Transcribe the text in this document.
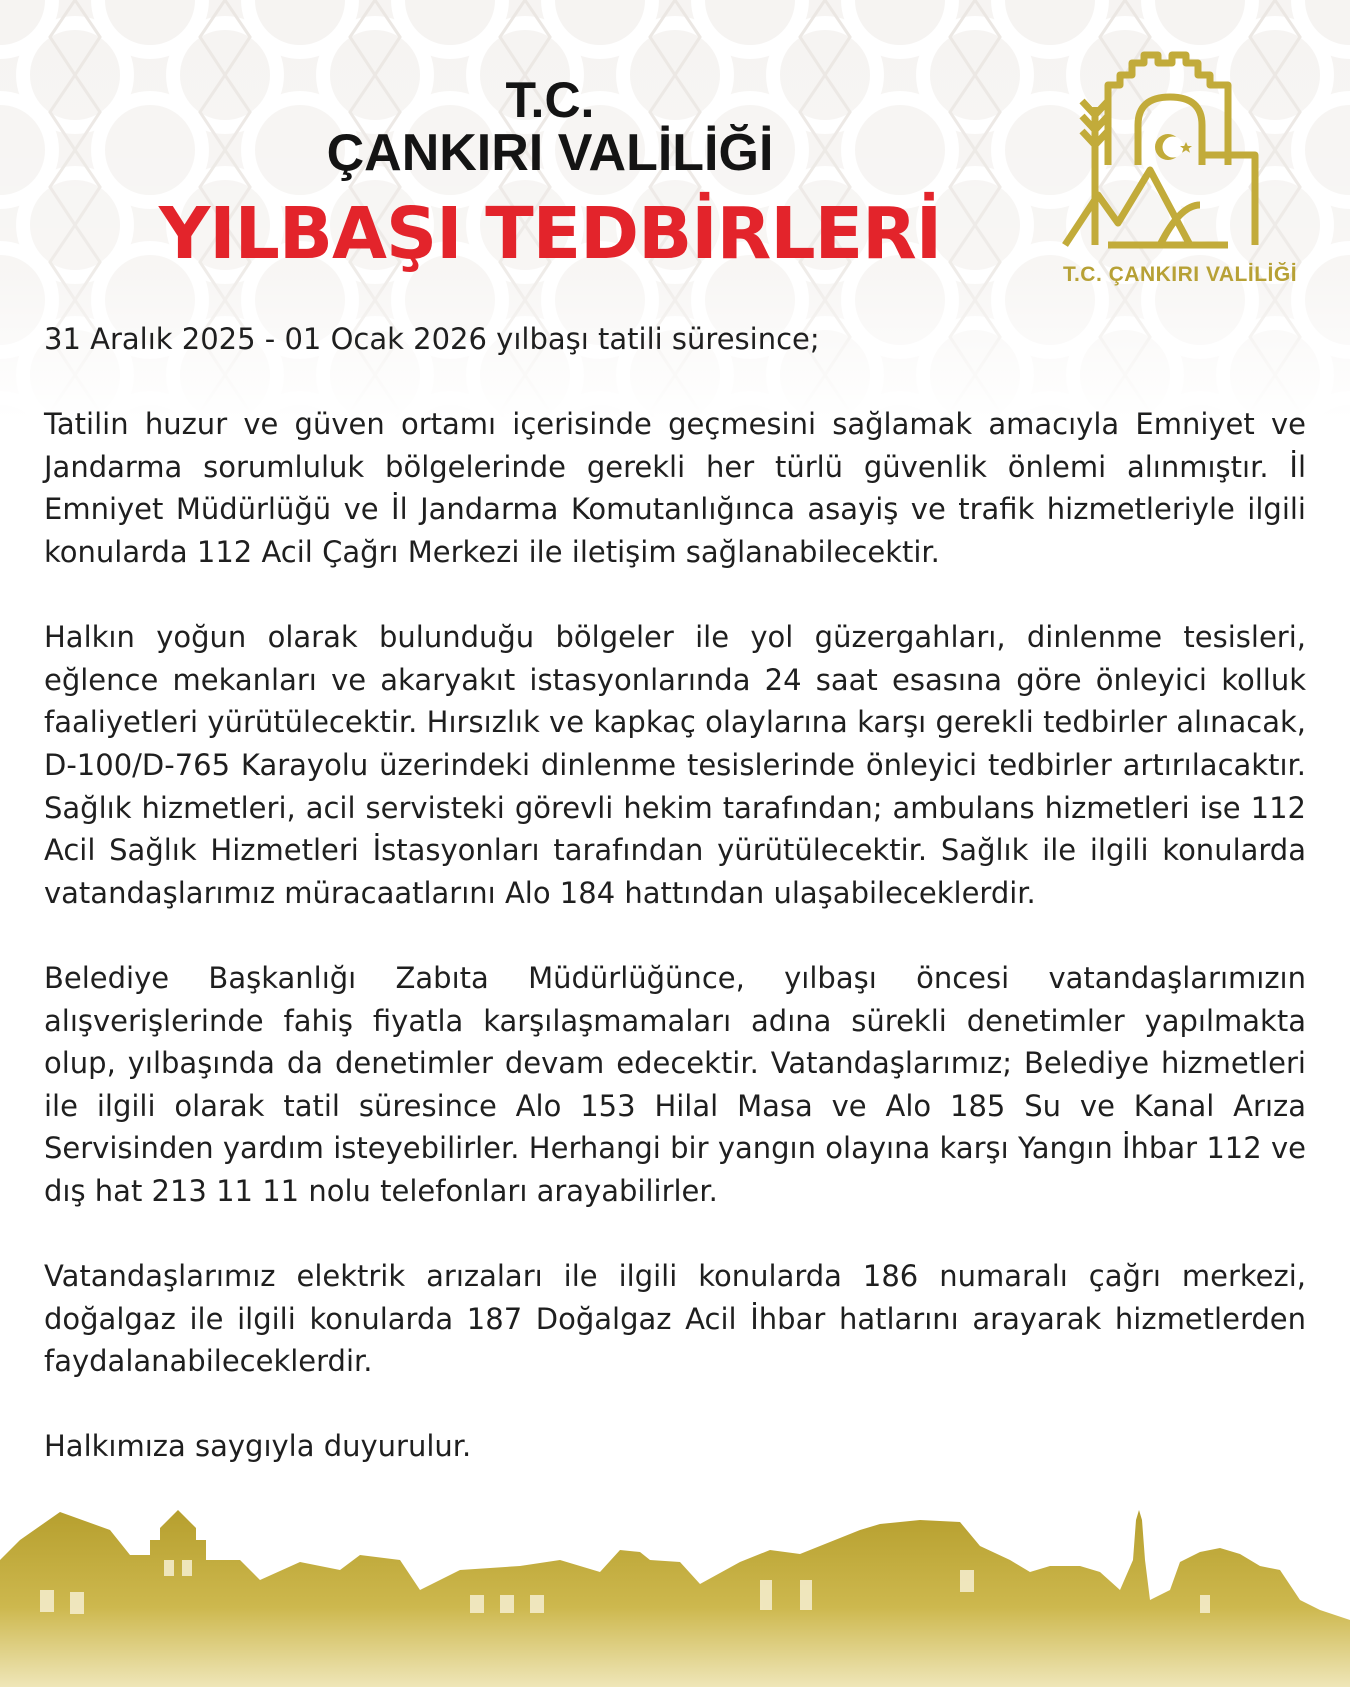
T.C.
ÇANKIRI VALİLİĞİ
YILBAŞI TEDBİRLERİ	T.C. ÇANKIRI VALİLİĞİ

31 Aralık 2025 - 01 Ocak 2026 yılbaşı tatili süresince;

Tatilin huzur ve güven ortamı içerisinde geçmesini sağlamak amacıyla Emniyet ve Jandarma sorumluluk bölgelerinde gerekli her türlü güvenlik önlemi alınmıştır. İl Emniyet Müdürlüğü ve İl Jandarma Komutanlığınca asayiş ve trafik hizmetleriyle ilgili konularda 112 Acil Çağrı Merkezi ile iletişim sağlanabilecektir.

Halkın yoğun olarak bulunduğu bölgeler ile yol güzergahları, dinlenme tesisleri, eğlence mekanları ve akaryakıt istasyonlarında 24 saat esasına göre önleyici kolluk faaliyetleri yürütülecektir. Hırsızlık ve kapkaç olaylarına karşı gerekli tedbirler alınacak, D-100/D-765 Karayolu üzerindeki dinlenme tesislerinde önleyici tedbirler artırılacaktır. Sağlık hizmetleri, acil servisteki görevli hekim tarafından; ambulans hizmetleri ise 112 Acil Sağlık Hizmetleri İstasyonları tarafından yürütülecektir. Sağlık ile ilgili konularda vatandaşlarımız müracaatlarını Alo 184 hattından ulaşabileceklerdir.

Belediye Başkanlığı Zabıta Müdürlüğünce, yılbaşı öncesi vatandaşlarımızın alışverişlerinde fahiş fiyatla karşılaşmamaları adına sürekli denetimler yapılmakta olup, yılbaşında da denetimler devam edecektir. Vatandaşlarımız; Belediye hizmetleri ile ilgili olarak tatil süresince Alo 153 Hilal Masa ve Alo 185 Su ve Kanal Arıza Servisinden yardım isteyebilirler. Herhangi bir yangın olayına karşı Yangın İhbar 112 ve dış hat 213 11 11 nolu telefonları arayabilirler.

Vatandaşlarımız elektrik arızaları ile ilgili konularda 186 numaralı çağrı merkezi, doğalgaz ile ilgili konularda 187 Doğalgaz Acil İhbar hatlarını arayarak hizmetlerden faydalanabileceklerdir.

Halkımıza saygıyla duyurulur.
